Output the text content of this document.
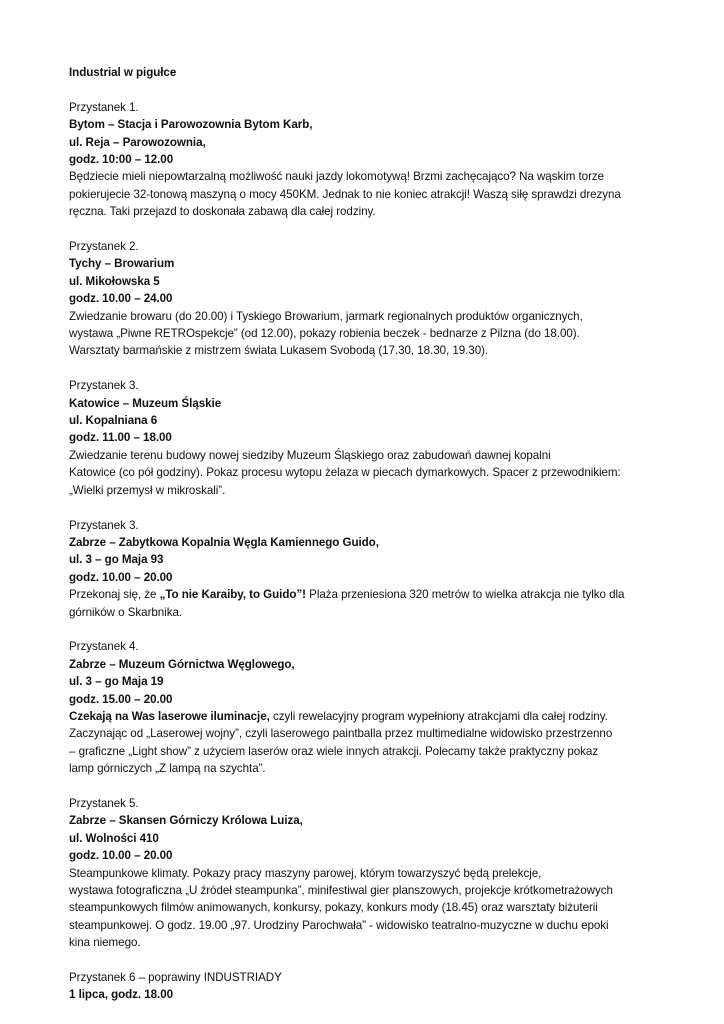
Industrial w pigułce
Przystanek 1.
Bytom – Stacja i Parowozownia Bytom Karb,
ul. Reja – Parowozownia,
godz. 10:00 – 12.00
Będziecie mieli niepowtarzalną możliwość nauki jazdy lokomotywą! Brzmi zachęcająco? Na wąskim torze
pokierujecie 32-tonową maszyną o mocy 450KM. Jednak to nie koniec atrakcji! Waszą siłę sprawdzi drezyna
ręczna. Taki przejazd to doskonała zabawą dla całej rodziny.
Przystanek 2.
Tychy – Browarium
ul. Mikołowska 5
godz. 10.00 – 24.00
Zwiedzanie browaru (do 20.00) i Tyskiego Browarium, jarmark regionalnych produktów organicznych,
wystawa „Piwne RETROspekcje” (od 12.00), pokazy robienia beczek - bednarze z Pilzna (do 18.00).
Warsztaty barmańskie z mistrzem świata Lukasem Svobodą (17.30, 18.30, 19.30).
Przystanek 3.
Katowice – Muzeum Śląskie
ul. Kopalniana 6
godz. 11.00 – 18.00
Zwiedzanie terenu budowy nowej siedziby Muzeum Śląskiego oraz zabudowań dawnej kopalni
Katowice (co pół godziny). Pokaz procesu wytopu żelaza w piecach dymarkowych. Spacer z przewodnikiem:
„Wielki przemysł w mikroskali”.
Przystanek 3.
Zabrze – Zabytkowa Kopalnia Węgla Kamiennego Guido,
ul. 3 – go Maja 93
godz. 10.00 – 20.00
Przekonaj się, że „To nie Karaiby, to Guido”! Plaża przeniesiona 320 metrów to wielka atrakcja nie tylko dla
górników o Skarbnika.
Przystanek 4.
Zabrze – Muzeum Górnictwa Węglowego,
ul. 3 – go Maja 19
godz. 15.00 – 20.00
Czekają na Was laserowe iluminacje, czyli rewelacyjny program wypełniony atrakcjami dla całej rodziny.
Zaczynając od „Laserowej wojny”, czyli laserowego paintballa przez multimedialne widowisko przestrzenno
– graficzne „Light show” z użyciem laserów oraz wiele innych atrakcji. Polecamy także praktyczny pokaz
lamp górniczych „Z lampą na szychta”.
Przystanek 5.
Zabrze – Skansen Górniczy Królowa Luiza,
ul. Wolności 410
godz. 10.00 – 20.00
Steampunkowe klimaty. Pokazy pracy maszyny parowej, którym towarzyszyć będą prelekcje,
wystawa fotograficzna „U źródeł steampunka”, minifestiwal gier planszowych, projekcje krótkometrażowych
steampunkowych filmów animowanych, konkursy, pokazy, konkurs mody (18.45) oraz warsztaty biżuterii
steampunkowej. O godz. 19.00 „97. Urodziny Parochwała” - widowisko teatralno-muzyczne w duchu epoki
kina niemego.
Przystanek 6 – poprawiny INDUSTRIADY
1 lipca, godz. 18.00
